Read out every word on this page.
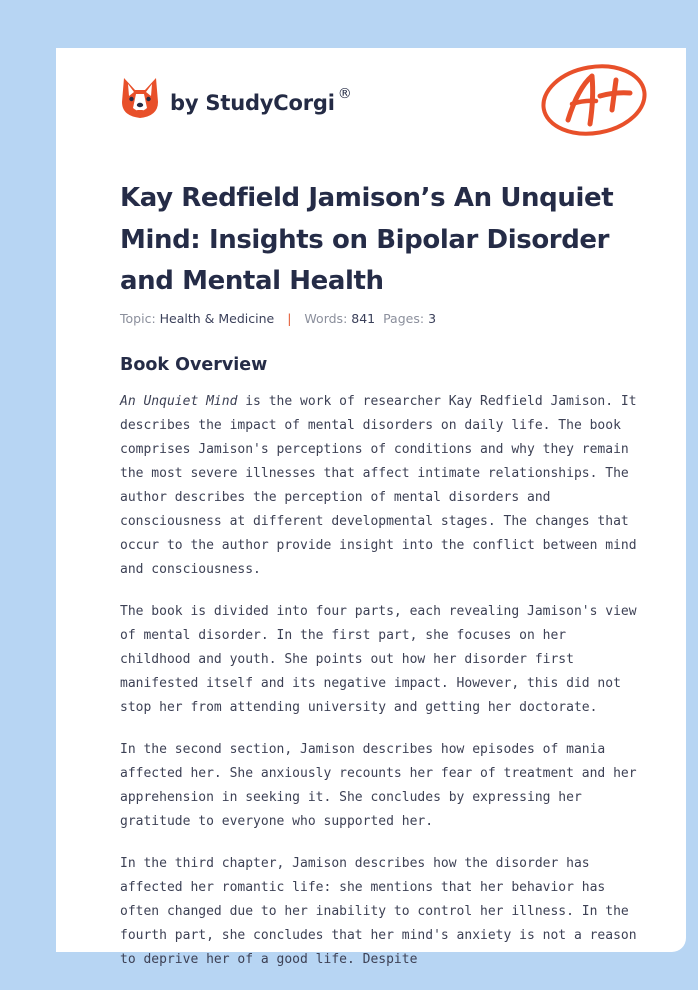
by StudyCorgi ®
Kay Redfield Jamison’s An Unquiet Mind: Insights on Bipolar Disorder and Mental Health
Topic: Health & Medicine | Words: 841 Pages: 3
Book Overview

An Unquiet Mind is the work of researcher Kay Redfield Jamison. It describes the impact of mental disorders on daily life. The book comprises Jamison's perceptions of conditions and why they remain the most severe illnesses that affect intimate relationships. The author describes the perception of mental disorders and consciousness at different developmental stages. The changes that occur to the author provide insight into the conflict between mind and consciousness.

The book is divided into four parts, each revealing Jamison's view of mental disorder. In the first part, she focuses on her childhood and youth. She points out how her disorder first manifested itself and its negative impact. However, this did not stop her from attending university and getting her doctorate.

In the second section, Jamison describes how episodes of mania affected her. She anxiously recounts her fear of treatment and her apprehension in seeking it. She concludes by expressing her gratitude to everyone who supported her.

In the third chapter, Jamison describes how the disorder has affected her romantic life: she mentions that her behavior has often changed due to her inability to control her illness. In the fourth part, she concludes that her mind's anxiety is not a reason to deprive her of a good life. Despite
